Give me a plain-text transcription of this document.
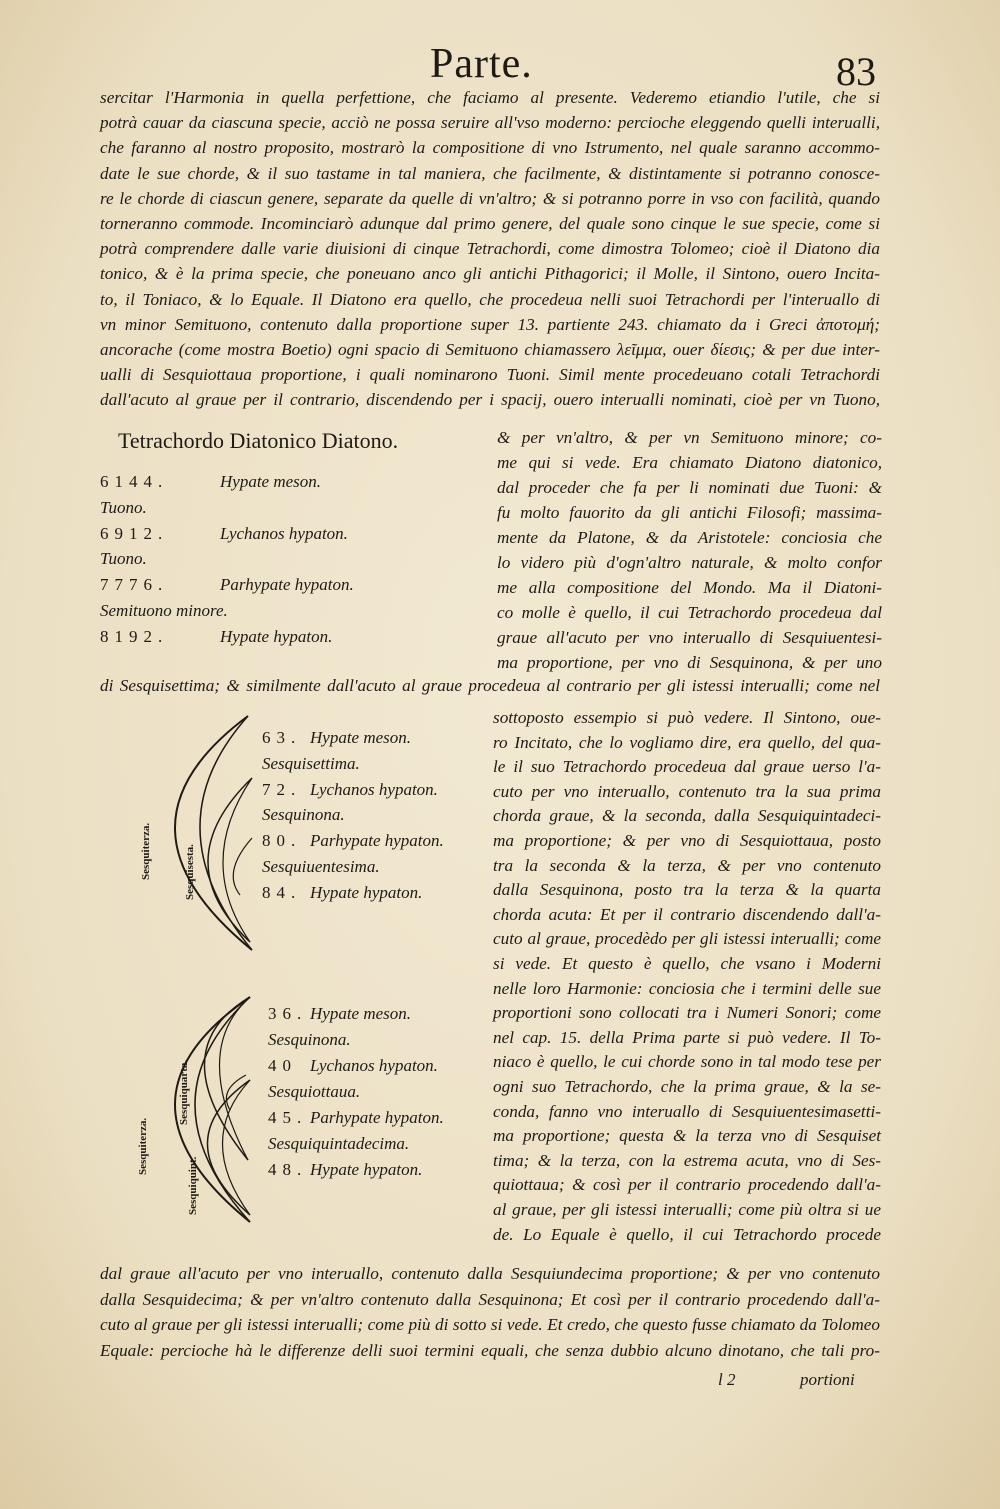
Parte.	83
sercitar l'Harmonia in quella perfettione, che faciamo al presente. Vederemo etiandio l'utile, che si
potrà cauar da ciascuna specie, acciò ne possa seruire all'vso moderno: percioche eleggendo quelli interualli,
che faranno al nostro proposito, mostrarò la compositione di vno Istrumento, nel quale saranno accommo-
date le sue chorde, & il suo tastame in tal maniera, che facilmente, & distintamente si potranno conosce-
re le chorde di ciascun genere, separate da quelle di vn'altro; & si potranno porre in vso con facilità, quando
torneranno commode. Incominciarò adunque dal primo genere, del quale sono cinque le sue specie, come si
potrà comprendere dalle varie diuisioni di cinque Tetrachordi, come dimostra Tolomeo; cioè il Diatono dia
tonico, & è la prima specie, che poneuano anco gli antichi Pithagorici; il Molle, il Sintono, ouero Incita-
to, il Toniaco, & lo Equale. Il Diatono era quello, che procedeua nelli suoi Tetrachordi per l'interuallo di
vn minor Semituono, contenuto dalla proportione super 13. partiente 243. chiamato da i Greci ἀποτομή;
ancorache (come mostra Boetio) ogni spacio di Semituono chiamassero λεῖμμα, ouer δίεσις; & per due inter-
ualli di Sesquiottaua proportione, i quali nominarono Tuoni. Simil mente procedeuano cotali Tetrachordi
dall'acuto al graue per il contrario, discendendo per i spacij, ouero interualli nominati, cioè per vn Tuono,
Tetrachordo Diatonico Diatono.
6144.	Hypate meson.
Tuono.
6912.	Lychanos hypaton.
Tuono.
7776.	Parhypate hypaton.
Semituono minore.
8192.	Hypate hypaton.
& per vn'altro, & per vn Semituono minore; co-
me qui si vede. Era chiamato Diatono diatonico,
dal proceder che fa per li nominati due Tuoni: &
fu molto fauorito da gli antichi Filosofi; massima-
mente da Platone, & da Aristotele: conciosia che
lo videro più d'ogn'altro naturale, & molto confor
me alla compositione del Mondo. Ma il Diatoni-
co molle è quello, il cui Tetrachordo procedeua dal
graue all'acuto per vno interuallo di Sesquiuentesi-
ma proportione, per vno di Sesquinona, & per uno
di Sesquisettima; & similmente dall'acuto al graue procedeua al contrario per gli istessi interualli; come nel
Sesquiterza.	Sesquisesta.
Sesquiterza.
Sesquiquarta.
Sesquiquint.
63. Hypate meson.
Sesquisettima.
72. Lychanos hypaton.
Sesquinona.
80. Parhypate hypaton.
Sesquiuentesima.
84. Hypate hypaton.
36. Hypate meson.
Sesquinona.
40 Lychanos hypaton.
Sesquiottaua.
45. Parhypate hypaton.
Sesquiquintadecima.
48. Hypate hypaton.
sottoposto essempio si può vedere. Il Sintono, oue-
ro Incitato, che lo vogliamo dire, era quello, del qua-
le il suo Tetrachordo procedeua dal graue uerso l'a-
cuto per vno interuallo, contenuto tra la sua prima
chorda graue, & la seconda, dalla Sesquiquintadeci-
ma proportione; & per vno di Sesquiottaua, posto
tra la seconda & la terza, & per vno contenuto
dalla Sesquinona, posto tra la terza & la quarta
chorda acuta: Et per il contrario discendendo dall'a-
cuto al graue, procedèdo per gli istessi interualli; come
si vede. Et questo è quello, che vsano i Moderni
nelle loro Harmonie: conciosia che i termini delle sue
proportioni sono collocati tra i Numeri Sonori; come
nel cap. 15. della Prima parte si può vedere. Il To-
niaco è quello, le cui chorde sono in tal modo tese per
ogni suo Tetrachordo, che la prima graue, & la se-
conda, fanno vno interuallo di Sesquiuentesimasetti-
ma proportione; questa & la terza vno di Sesquiset
tima; & la terza, con la estrema acuta, vno di Ses-
quiottaua; & così per il contrario procedendo dall'a-
al graue, per gli istessi interualli; come più oltra si ue
de. Lo Equale è quello, il cui Tetrachordo procede
dal graue all'acuto per vno interuallo, contenuto dalla Sesquiundecima proportione; & per vno contenuto
dalla Sesquidecima; & per vn'altro contenuto dalla Sesquinona; Et così per il contrario procedendo dall'a-
cuto al graue per gli istessi interualli; come più di sotto si vede. Et credo, che questo fusse chiamato da Tolomeo
Equale: percioche hà le differenze delli suoi termini equali, che senza dubbio alcuno dinotano, che tali pro-
l 2	portioni
